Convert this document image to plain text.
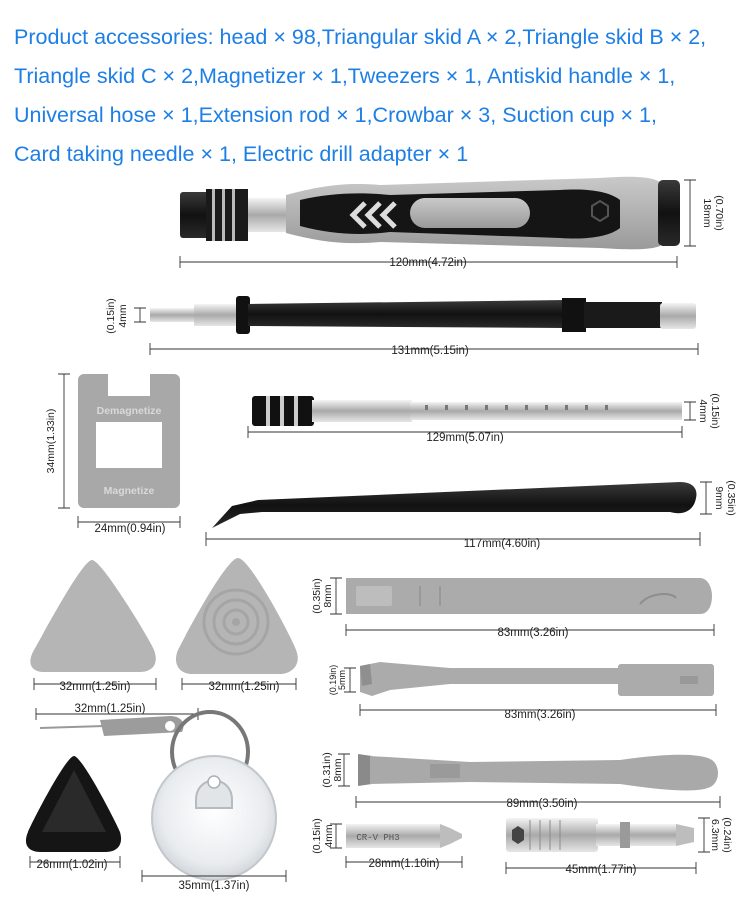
Product accessories: head × 98,Triangular skid A × 2,Triangle skid B × 2,
Triangle skid C × 2,Magnetizer × 1,Tweezers × 1, Antiskid handle × 1,
Universal hose × 1,Extension rod × 1,Crowbar × 3, Suction cup × 1,
Card taking needle × 1, Electric drill adapter × 1
120mm(4.72in)
18mm (0.70in)
131mm(5.15in)
4mm
(0.15in)
Demagnetize
Magnetize
34mm(1.33in)
24mm(0.94in)
129mm(5.07in)
4mm (0.15in)
117mm(4.60in)
9mm (0.35in)
32mm(1.25in)	32mm(1.25in)
83mm(3.26in)
8mm
(0.35in)
83mm(3.26in)
5mm
(0.19in)
32mm(1.25in)
35mm(1.37in)
26mm(1.02in)
89mm(3.50in)
8mm
(0.31in)
CR-V PH3
28mm(1.10in)
4mm
(0.15in)
45mm(1.77in)
6.3mm (0.24in)
